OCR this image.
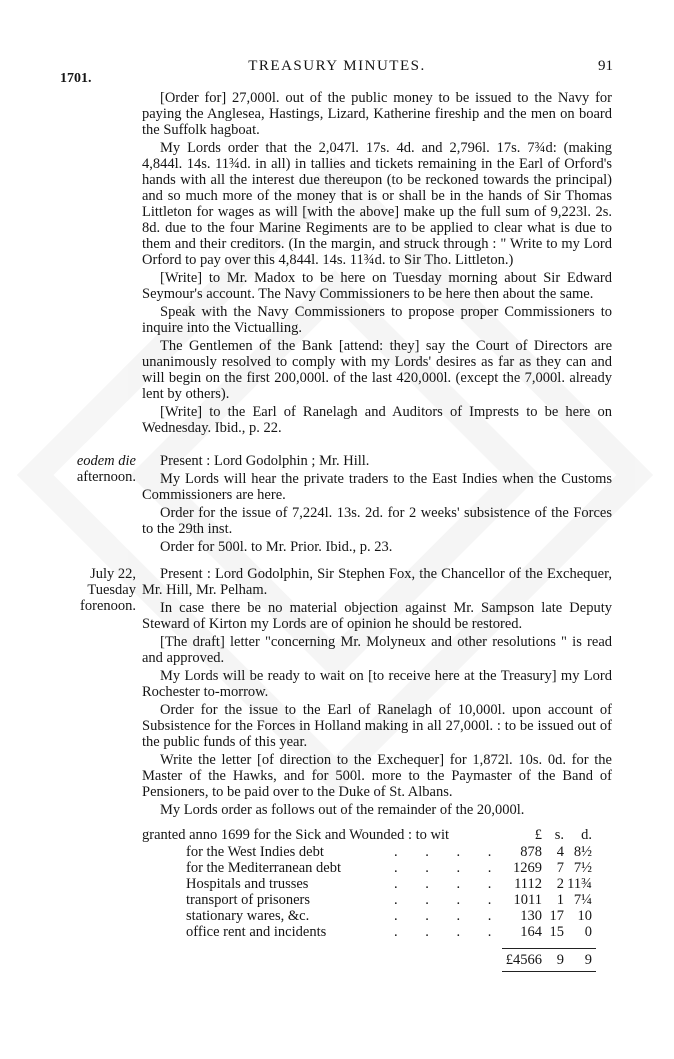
TREASURY MINUTES.	91
1701.

[Order for] 27,000l. out of the public money to be issued to the Navy for paying the Anglesea, Hastings, Lizard, Katherine fireship and the men on board the Suffolk hagboat.

My Lords order that the 2,047l. 17s. 4d. and 2,796l. 17s. 7¾d: (making 4,844l. 14s. 11¾d. in all) in tallies and tickets remaining in the Earl of Orford's hands with all the interest due thereupon (to be reckoned towards the principal) and so much more of the money that is or shall be in the hands of Sir Thomas Littleton for wages as will [with the above] make up the full sum of 9,223l. 2s. 8d. due to the four Marine Regiments are to be applied to clear what is due to them and their creditors. (In the margin, and struck through : " Write to my Lord Orford to pay over this 4,844l. 14s. 11¾d. to Sir Tho. Littleton.)

[Write] to Mr. Madox to be here on Tuesday morning about Sir Edward Seymour's account. The Navy Commissioners to be here then about the same.

Speak with the Navy Commissioners to propose proper Commissioners to inquire into the Victualling.

The Gentlemen of the Bank [attend: they] say the Court of Directors are unanimously resolved to comply with my Lords' desires as far as they can and will begin on the first 200,000l. of the last 420,000l. (except the 7,000l. already lent by others).

[Write] to the Earl of Ranelagh and Auditors of Imprests to be here on Wednesday. Ibid., p. 22.

eodem die
afternoon.

Present : Lord Godolphin ; Mr. Hill.

My Lords will hear the private traders to the East Indies when the Customs Commissioners are here.

Order for the issue of 7,224l. 13s. 2d. for 2 weeks' subsistence of the Forces to the 29th inst.

Order for 500l. to Mr. Prior. Ibid., p. 23.

July 22,
Tuesday
forenoon.

Present : Lord Godolphin, Sir Stephen Fox, the Chancellor of the Exchequer, Mr. Hill, Mr. Pelham.

In case there be no material objection against Mr. Sampson late Deputy Steward of Kirton my Lords are of opinion he should be restored.

[The draft] letter "concerning Mr. Molyneux and other resolutions " is read and approved.

My Lords will be ready to wait on [to receive here at the Treasury] my Lord Rochester to-morrow.

Order for the issue to the Earl of Ranelagh of 10,000l. upon account of Subsistence for the Forces in Holland making in all 27,000l. : to be issued out of the public funds of this year.

Write the letter [of direction to the Exchequer] for 1,872l. 10s. 0d. for the Master of the Hawks, and for 500l. more to the Paymaster of the Band of Pensioners, to be paid over to the Duke of St. Albans.

My Lords order as follows out of the remainder of the 20,000l.

granted anno 1699 for the Sick and Wounded : to wit	£ s.	d.
for the West Indies debt	. . . .	878	4 8½
for the Mediterranean debt	. . . . 1269	7 7½
Hospitals and trusses	. . . . 1112	2 11¾
transport of prisoners	. . . . 1011	1 7¼
stationary wares, &c.	. . . .	130 17 10
office rent and incidents	. . . .	164 15	0
£4566	9	9
